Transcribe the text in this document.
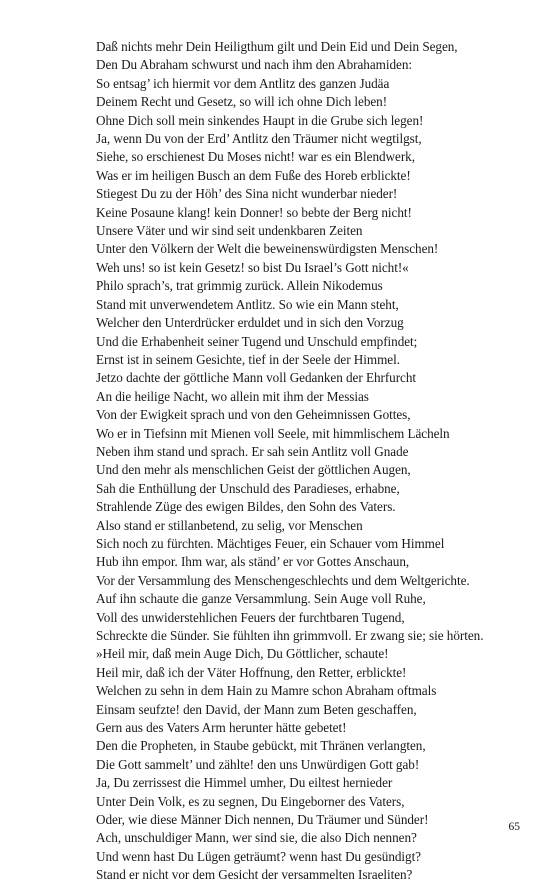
Daß nichts mehr Dein Heiligthum gilt und Dein Eid und Dein Segen,
Den Du Abraham schwurst und nach ihm den Abrahamiden:
So entsag’ ich hiermit vor dem Antlitz des ganzen Judäa
Deinem Recht und Gesetz, so will ich ohne Dich leben!
Ohne Dich soll mein sinkendes Haupt in die Grube sich legen!
Ja, wenn Du von der Erd’ Antlitz den Träumer nicht wegtilgst,
Siehe, so erschienest Du Moses nicht! war es ein Blendwerk,
Was er im heiligen Busch an dem Fuße des Horeb erblickte!
Stiegest Du zu der Höh’ des Sina nicht wunderbar nieder!
Keine Posaune klang! kein Donner! so bebte der Berg nicht!
Unsere Väter und wir sind seit undenkbaren Zeiten
Unter den Völkern der Welt die beweinenswürdigsten Menschen!
Weh uns! so ist kein Gesetz! so bist Du Israel’s Gott nicht!«
Philo sprach’s, trat grimmig zurück. Allein Nikodemus
Stand mit unverwendetem Antlitz. So wie ein Mann steht,
Welcher den Unterdrücker erduldet und in sich den Vorzug
Und die Erhabenheit seiner Tugend und Unschuld empfindet;
Ernst ist in seinem Gesichte, tief in der Seele der Himmel.
Jetzo dachte der göttliche Mann voll Gedanken der Ehrfurcht
An die heilige Nacht, wo allein mit ihm der Messias
Von der Ewigkeit sprach und von den Geheimnissen Gottes,
Wo er in Tiefsinn mit Mienen voll Seele, mit himmlischem Lächeln
Neben ihm stand und sprach. Er sah sein Antlitz voll Gnade
Und den mehr als menschlichen Geist der göttlichen Augen,
Sah die Enthüllung der Unschuld des Paradieses, erhabne,
Strahlende Züge des ewigen Bildes, den Sohn des Vaters.
Also stand er stillanbetend, zu selig, vor Menschen
Sich noch zu fürchten. Mächtiges Feuer, ein Schauer vom Himmel
Hub ihn empor. Ihm war, als ständ’ er vor Gottes Anschaun,
Vor der Versammlung des Menschengeschlechts und dem Weltgerichte.
Auf ihn schaute die ganze Versammlung. Sein Auge voll Ruhe,
Voll des unwiderstehlichen Feuers der furchtbaren Tugend,
Schreckte die Sünder. Sie fühlten ihn grimmvoll. Er zwang sie; sie hörten.
»Heil mir, daß mein Auge Dich, Du Göttlicher, schaute!
Heil mir, daß ich der Väter Hoffnung, den Retter, erblickte!
Welchen zu sehn in dem Hain zu Mamre schon Abraham oftmals
Einsam seufzte! den David, der Mann zum Beten geschaffen,
Gern aus des Vaters Arm herunter hätte gebetet!
Den die Propheten, in Staube gebückt, mit Thränen verlangten,
Die Gott sammelt’ und zählte! den uns Unwürdigen Gott gab!
Ja, Du zerrissest die Himmel umher, Du eiltest hernieder
Unter Dein Volk, es zu segnen, Du Eingeborner des Vaters,
Oder, wie diese Männer Dich nennen, Du Träumer und Sünder!
Ach, unschuldiger Mann, wer sind sie, die also Dich nennen?
Und wenn hast Du Lügen geträumt? wenn hast Du gesündigt?
Stand er nicht vor dem Gesicht der versammelten Israeliten?
65
